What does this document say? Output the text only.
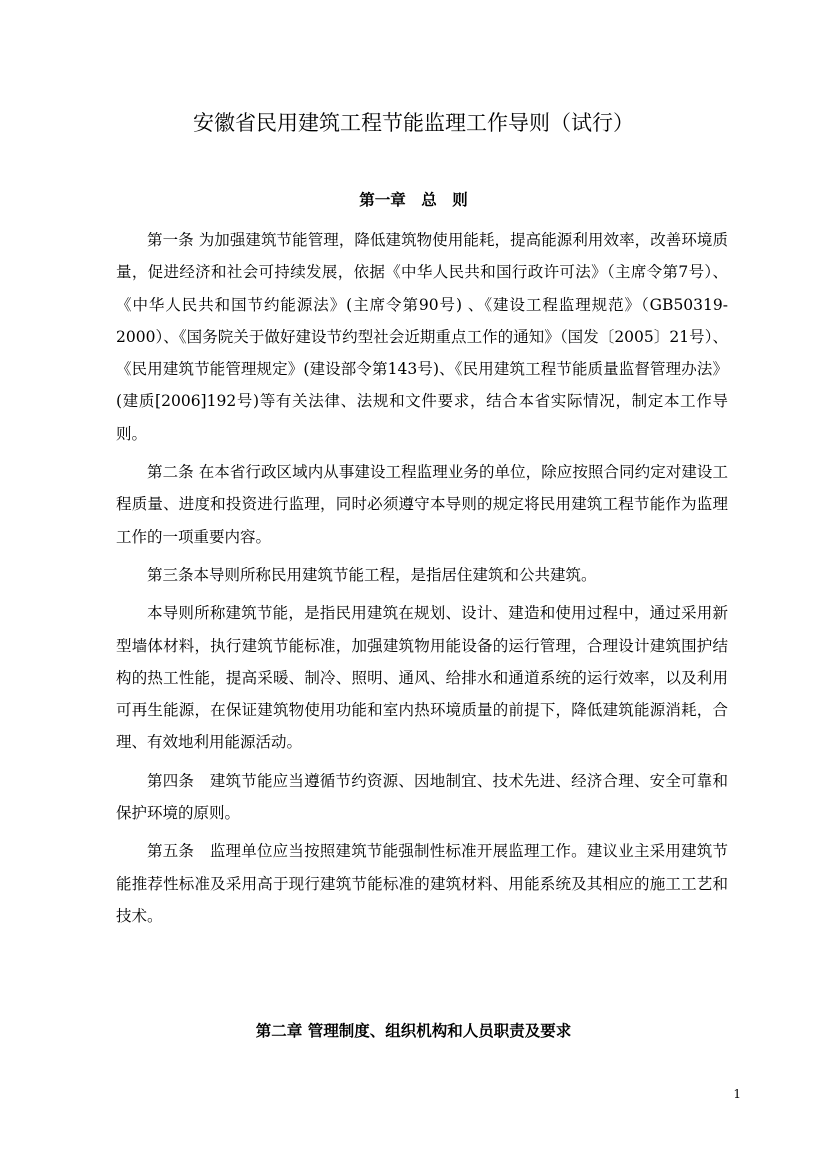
安徽省民用建筑工程节能监理工作导则（试行）
第一章　总　则

第一条 为加强建筑节能管理，降低建筑物使用能耗，提高能源利用效率，改善环境质量，促进经济和社会可持续发展，依据《中华人民共和国行政许可法》（主席令第7号）、《中华人民共和国节约能源法》(主席令第90号) 、《建设工程监理规范》（GB50319-2000）、《国务院关于做好建设节约型社会近期重点工作的通知》（国发〔2005〕21号）、《民用建筑节能管理规定》(建设部令第143号)、《民用建筑工程节能质量监督管理办法》(建质[2006]192号)等有关法律、法规和文件要求，结合本省实际情况，制定本工作导则。

第二条 在本省行政区域内从事建设工程监理业务的单位，除应按照合同约定对建设工程质量、进度和投资进行监理，同时必须遵守本导则的规定将民用建筑工程节能作为监理工作的一项重要内容。

第三条本导则所称民用建筑节能工程，是指居住建筑和公共建筑。

本导则所称建筑节能，是指民用建筑在规划、设计、建造和使用过程中，通过采用新型墙体材料，执行建筑节能标准，加强建筑物用能设备的运行管理，合理设计建筑围护结构的热工性能，提高采暖、制冷、照明、通风、给排水和通道系统的运行效率，以及利用可再生能源，在保证建筑物使用功能和室内热环境质量的前提下，降低建筑能源消耗，合理、有效地利用能源活动。

第四条　建筑节能应当遵循节约资源、因地制宜、技术先进、经济合理、安全可靠和保护环境的原则。

第五条　监理单位应当按照建筑节能强制性标准开展监理工作。建议业主采用建筑节能推荐性标准及采用高于现行建筑节能标准的建筑材料、用能系统及其相应的施工工艺和技术。

第二章 管理制度、组织机构和人员职责及要求
1
